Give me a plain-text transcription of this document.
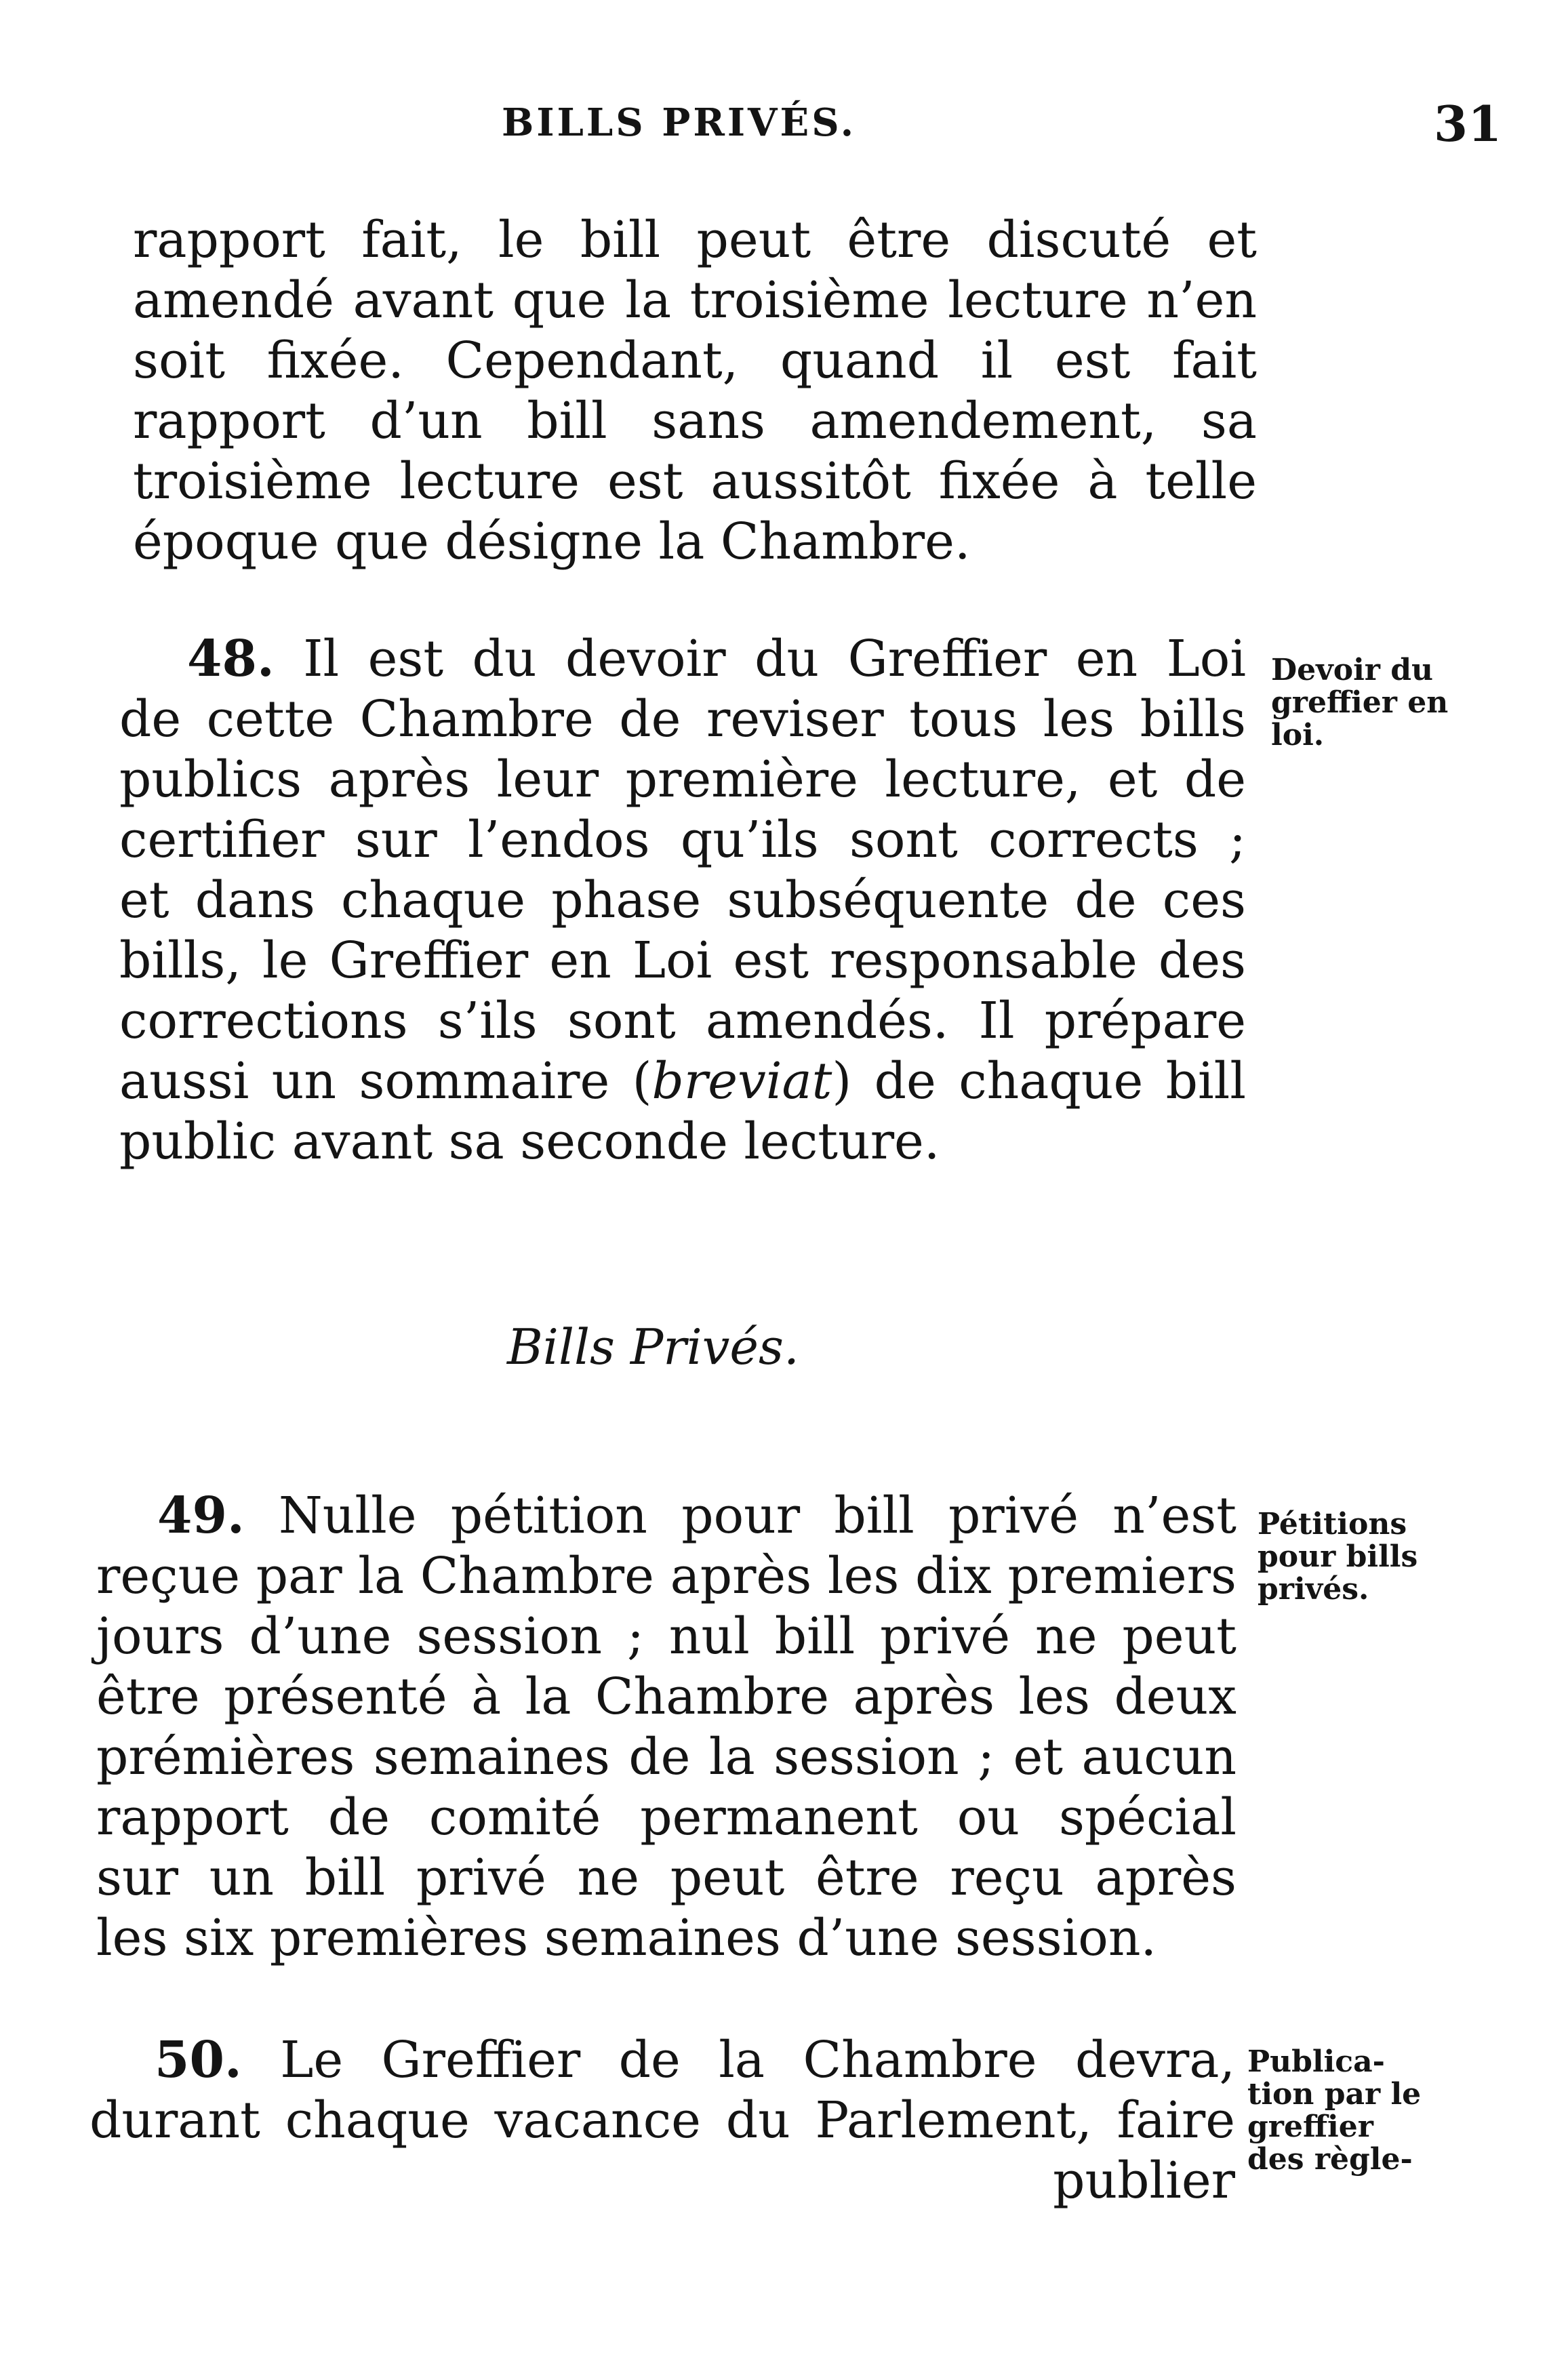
BILLS PRIVÉS.	31
rapport fait, le bill peut être discuté et
amendé avant que la troisième lecture n’en
soit fixée. Cependant, quand il est fait
rapport d’un bill sans amendement, sa
troisième lecture est aussitôt fixée à telle
époque que désigne la Chambre.
48. Il est du devoir du Greffier en Loi
de cette Chambre de reviser tous les bills
publics après leur première lecture, et de
certifier sur l’endos qu’ils sont corrects ;
et dans chaque phase subséquente de ces
bills, le Greffier en Loi est responsable des
corrections s’ils sont amendés. Il prépare
aussi un sommaire (breviat) de chaque bill
public avant sa seconde lecture.
Devoir du
greffier en
loi.
Bills Privés.
49. Nulle pétition pour bill privé n’est
reçue par la Chambre après les dix premiers
jours d’une session ; nul bill privé ne peut
être présenté à la Chambre après les deux
prémières semaines de la session ; et aucun
rapport de comité permanent ou spécial
sur un bill privé ne peut être reçu après
les six premières semaines d’une session.
Pétitions
pour bills
privés.
50. Le Greffier de la Chambre devra,
durant chaque vacance du Parlement, faire
publier
Publica-
tion par le
greffier
des règle-
